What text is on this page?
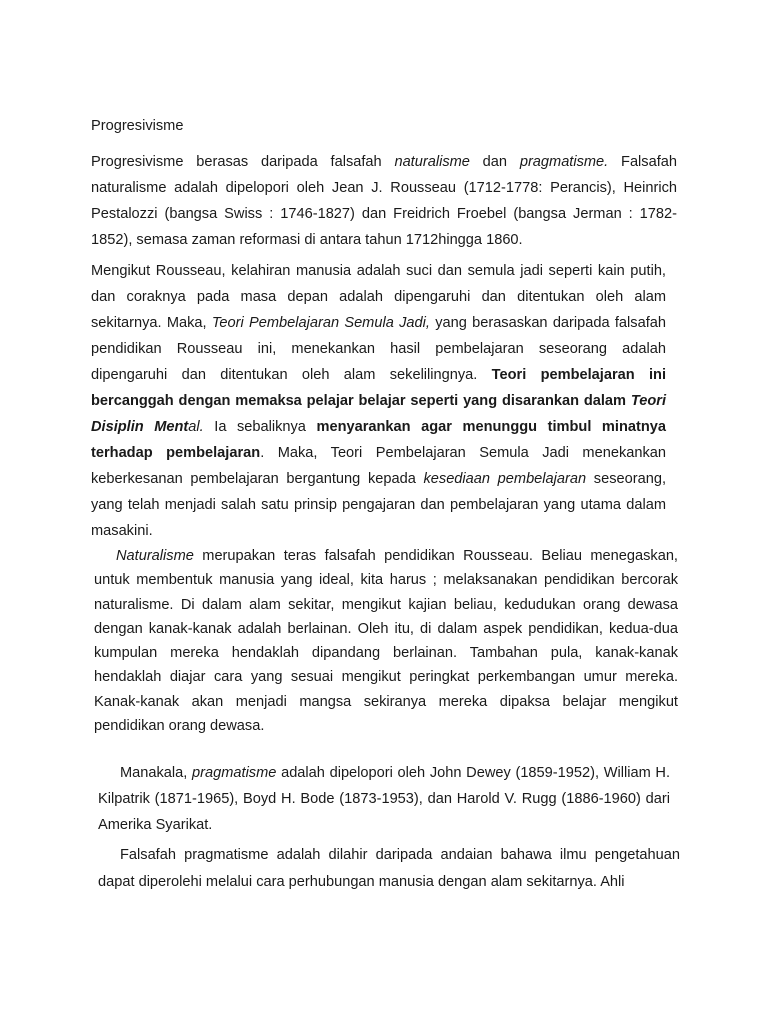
Progresivisme

Progresivisme berasas daripada falsafah naturalisme dan pragmatisme. Falsafah naturalisme adalah dipelopori oleh Jean J. Rousseau (1712-1778: Perancis), Heinrich Pestalozzi (bangsa Swiss : 1746-1827) dan Freidrich Froebel (bangsa Jerman : 1782-1852), semasa zaman reformasi di antara tahun 1712hingga 1860.

Mengikut Rousseau, kelahiran manusia adalah suci dan semula jadi seperti kain putih, dan coraknya pada masa depan adalah dipengaruhi dan ditentukan oleh alam sekitarnya. Maka, Teori Pembelajaran Semula Jadi, yang berasaskan daripada falsafah pendidikan Rousseau ini, menekankan hasil pembelajaran seseorang adalah dipengaruhi dan ditentukan oleh alam sekelilingnya. Teori pembelajaran ini bercanggah dengan memaksa pelajar belajar seperti yang disarankan dalam Teori Disiplin Mental. Ia sebaliknya menyarankan agar menunggu timbul minatnya terhadap pembelajaran. Maka, Teori Pembelajaran Semula Jadi menekankan keberkesanan pembelajaran bergantung kepada kesediaan pembelajaran seseorang, yang telah menjadi salah satu prinsip pengajaran dan pembelajaran yang utama dalam masakini.

Naturalisme merupakan teras falsafah pendidikan Rousseau. Beliau menegaskan, untuk membentuk manusia yang ideal, kita harus ; melaksanakan pendidikan bercorak naturalisme. Di dalam alam sekitar, mengikut kajian beliau, kedudukan orang dewasa dengan kanak-kanak adalah berlainan. Oleh itu, di dalam aspek pendidikan, kedua-dua kumpulan mereka hendaklah dipandang berlainan. Tambahan pula, kanak-kanak hendaklah diajar cara yang sesuai mengikut peringkat perkembangan umur mereka. Kanak-kanak akan menjadi mangsa sekiranya mereka dipaksa belajar mengikut pendidikan orang dewasa.

Manakala, pragmatisme adalah dipelopori oleh John Dewey (1859-1952), William H. Kilpatrik (1871-1965), Boyd H. Bode (1873-1953), dan Harold V. Rugg (1886-1960) dari Amerika Syarikat.

Falsafah pragmatisme adalah dilahir daripada andaian bahawa ilmu pengetahuan dapat diperolehi melalui cara perhubungan manusia dengan alam sekitarnya. Ahli
